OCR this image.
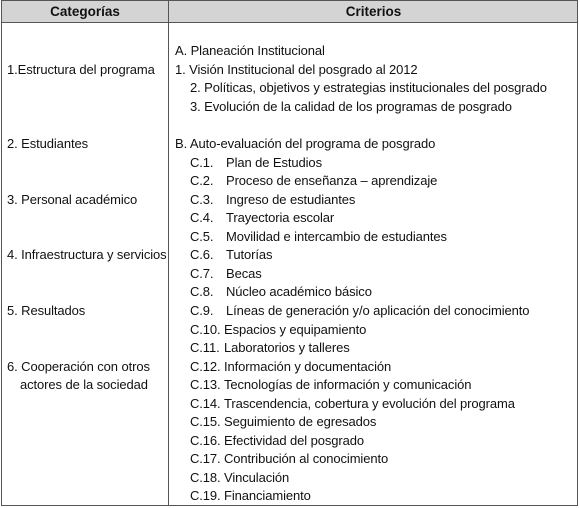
Categorías	Criterios
1.Estructura del programa
2. Estudiantes
3. Personal académico
4. Infraestructura y servicios
5. Resultados
6. Cooperación con otros
actores de la sociedad
A. Planeación Institucional
1. Visión Institucional del posgrado al 2012
2. Políticas, objetivos y estrategias institucionales del posgrado
3. Evolución de la calidad de los programas de posgrado
B. Auto-evaluación del programa de posgrado
C.1. Plan de Estudios
C.2. Proceso de enseñanza – aprendizaje
C.3. Ingreso de estudiantes
C.4. Trayectoria escolar
C.5. Movilidad e intercambio de estudiantes
C.6. Tutorías
C.7. Becas
C.8. Núcleo académico básico
C.9. Líneas de generación y/o aplicación del conocimiento
C.10. Espacios y equipamiento
C.11. Laboratorios y talleres
C.12. Información y documentación
C.13. Tecnologías de información y comunicación
C.14. Trascendencia, cobertura y evolución del programa
C.15. Seguimiento de egresados
C.16. Efectividad del posgrado
C.17. Contribución al conocimiento
C.18. Vinculación
C.19. Financiamiento
